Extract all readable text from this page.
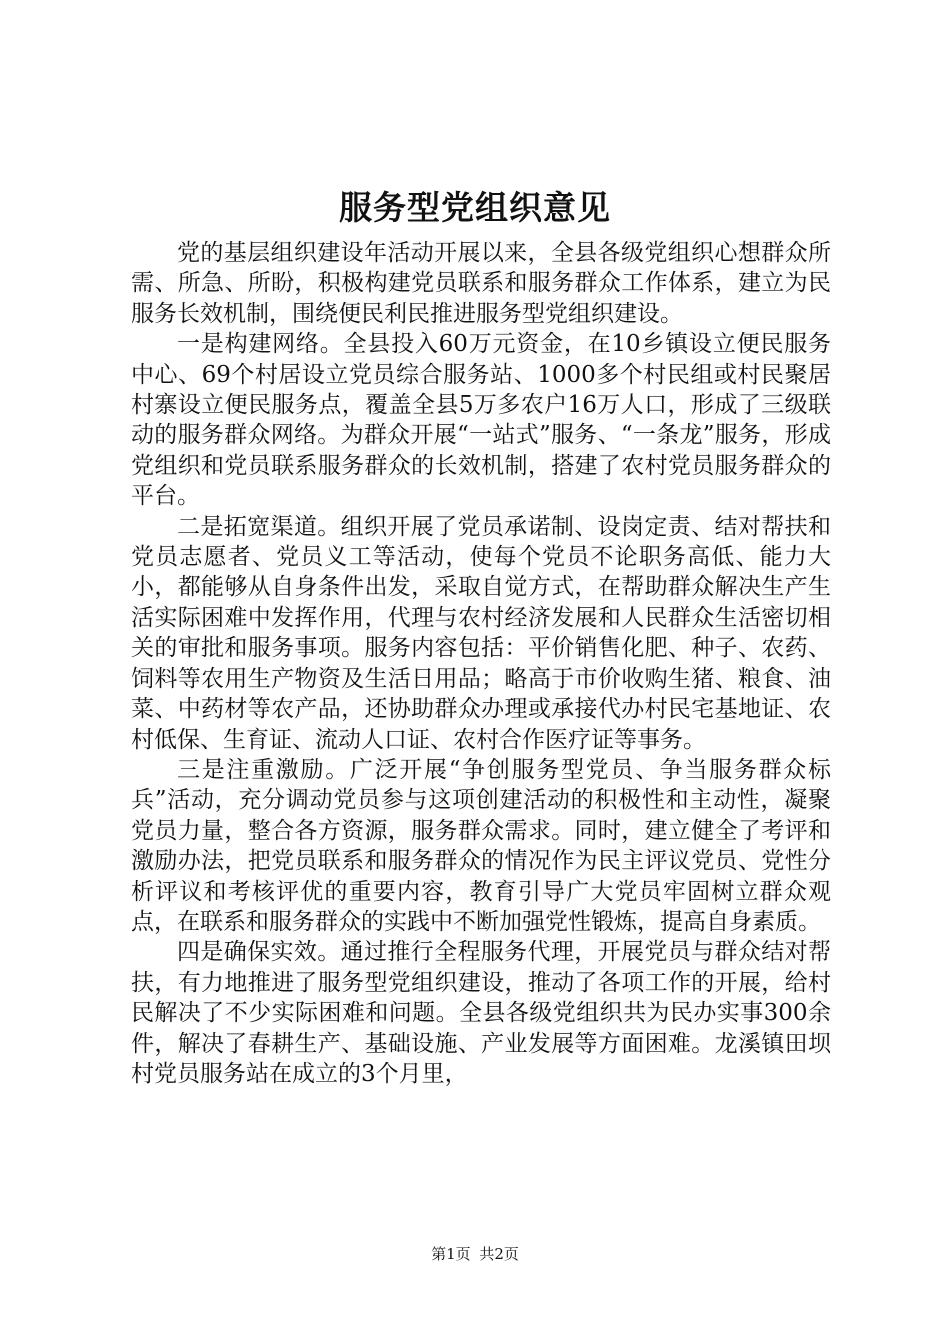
服务型党组织意见

党的基层组织建设年活动开展以来，全县各级党组织心想群众所需、所急、所盼，积极构建党员联系和服务群众工作体系，建立为民服务长效机制，围绕便民利民推进服务型党组织建设。

一是构建网络。全县投入60万元资金，在10乡镇设立便民服务中心、69个村居设立党员综合服务站、1000多个村民组或村民聚居村寨设立便民服务点，覆盖全县5万多农户16万人口，形成了三级联动的服务群众网络。为群众开展“一站式”服务、“一条龙”服务，形成党组织和党员联系服务群众的长效机制，搭建了农村党员服务群众的平台。

二是拓宽渠道。组织开展了党员承诺制、设岗定责、结对帮扶和党员志愿者、党员义工等活动，使每个党员不论职务高低、能力大小，都能够从自身条件出发，采取自觉方式，在帮助群众解决生产生活实际困难中发挥作用，代理与农村经济发展和人民群众生活密切相关的审批和服务事项。服务内容包括：平价销售化肥、种子、农药、饲料等农用生产物资及生活日用品；略高于市价收购生猪、粮食、油菜、中药材等农产品，还协助群众办理或承接代办村民宅基地证、农村低保、生育证、流动人口证、农村合作医疗证等事务。

三是注重激励。广泛开展“争创服务型党员、争当服务群众标兵”活动，充分调动党员参与这项创建活动的积极性和主动性，凝聚党员力量，整合各方资源，服务群众需求。同时，建立健全了考评和激励办法，把党员联系和服务群众的情况作为民主评议党员、党性分析评议和考核评优的重要内容，教育引导广大党员牢固树立群众观点，在联系和服务群众的实践中不断加强党性锻炼，提高自身素质。

四是确保实效。通过推行全程服务代理，开展党员与群众结对帮扶，有力地推进了服务型党组织建设，推动了各项工作的开展，给村民解决了不少实际困难和问题。全县各级党组织共为民办实事300余件，解决了春耕生产、基础设施、产业发展等方面困难。龙溪镇田坝村党员服务站在成立的3个月里，

第1页 共2页
